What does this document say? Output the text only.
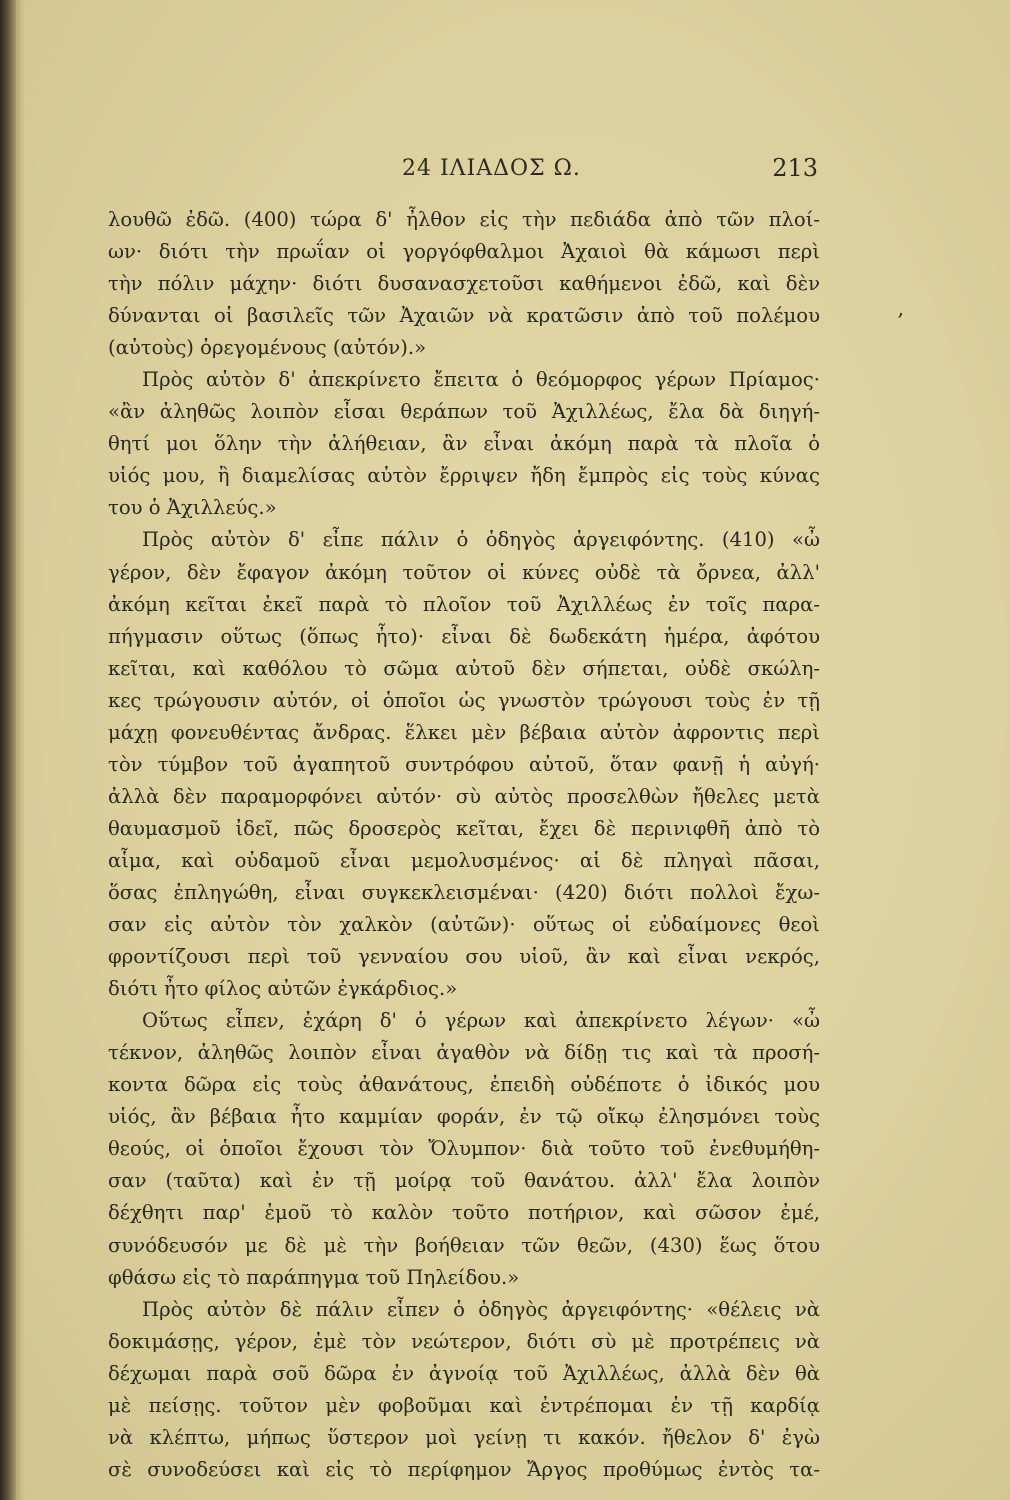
24 ΙΛΙΑΔΟΣ Ω.	213
,
λουθῶ ἐδῶ. (400) τώρα δ' ἦλθον εἰς τὴν πεδιάδα ἀπὸ τῶν πλοί-
ων· διότι τὴν πρωΐαν οἱ γοργόφθαλμοι Ἀχαιοὶ θὰ κάμωσι περὶ
τὴν πόλιν μάχην· διότι δυσανασχετοῦσι καθήμενοι ἐδῶ, καὶ δὲν
δύνανται οἱ βασιλεῖς τῶν Ἀχαιῶν νὰ κρατῶσιν ἀπὸ τοῦ πολέμου
(αὐτοὺς) ὀρεγομένους (αὐτόν).»
Πρὸς αὐτὸν δ' ἀπεκρίνετο ἔπειτα ὁ θεόμορφος γέρων Πρίαμος·
«ἂν ἀληθῶς λοιπὸν εἶσαι θεράπων τοῦ Ἀχιλλέως, ἔλα δὰ διηγή-
θητί μοι ὅλην τὴν ἀλήθειαν, ἂν εἶναι ἀκόμη παρὰ τὰ πλοῖα ὁ
υἱός μου, ἢ διαμελίσας αὐτὸν ἔρριψεν ἤδη ἔμπρὸς εἰς τοὺς κύνας
του ὁ Ἀχιλλεύς.»
Πρὸς αὐτὸν δ' εἶπε πάλιν ὁ ὁδηγὸς ἀργειφόντης. (410) «ὦ
γέρον, δὲν ἔφαγον ἀκόμη τοῦτον οἱ κύνες οὐδὲ τὰ ὄρνεα, ἀλλ'
ἀκόμη κεῖται ἐκεῖ παρὰ τὸ πλοῖον τοῦ Ἀχιλλέως ἐν τοῖς παρα-
πήγμασιν οὕτως (ὅπως ἦτο)· εἶναι δὲ δωδεκάτη ἡμέρα, ἀφότου
κεῖται, καὶ καθόλου τὸ σῶμα αὐτοῦ δὲν σήπεται, οὐδὲ σκώλη-
κες τρώγουσιν αὐτόν, οἱ ὁποῖοι ὡς γνωστὸν τρώγουσι τοὺς ἐν τῇ
μάχῃ φονευθέντας ἄνδρας. ἕλκει μὲν βέβαια αὐτὸν ἀφροντις περὶ
τὸν τύμβον τοῦ ἀγαπητοῦ συντρόφου αὐτοῦ, ὅταν φανῇ ἡ αὐγή·
ἀλλὰ δὲν παραμορφόνει αὐτόν· σὺ αὐτὸς προσελθὼν ἤθελες μετὰ
θαυμασμοῦ ἰδεῖ, πῶς δροσερὸς κεῖται, ἔχει δὲ περινιφθῆ ἀπὸ τὸ
αἷμα, καὶ οὐδαμοῦ εἶναι μεμολυσμένος· αἱ δὲ πληγαὶ πᾶσαι,
ὅσας ἐπληγώθη, εἶναι συγκεκλεισμέναι· (420) διότι πολλοὶ ἔχω-
σαν εἰς αὐτὸν τὸν χαλκὸν (αὐτῶν)· οὕτως οἱ εὐδαίμονες θεοὶ
φροντίζουσι περὶ τοῦ γενναίου σου υἱοῦ, ἂν καὶ εἶναι νεκρός,
διότι ἦτο φίλος αὐτῶν ἐγκάρδιος.»
Οὕτως εἶπεν, ἐχάρη δ' ὁ γέρων καὶ ἀπεκρίνετο λέγων· «ὦ
τέκνον, ἀληθῶς λοιπὸν εἶναι ἀγαθὸν νὰ δίδῃ τις καὶ τὰ προσή-
κοντα δῶρα εἰς τοὺς ἀθανάτους, ἐπειδὴ οὐδέποτε ὁ ἰδικός μου
υἱός, ἂν βέβαια ἦτο καμμίαν φοράν, ἐν τῷ οἴκῳ ἐλησμόνει τοὺς
θεούς, οἱ ὁποῖοι ἔχουσι τὸν Ὄλυμπον· διὰ τοῦτο τοῦ ἐνεθυμήθη-
σαν (ταῦτα) καὶ ἐν τῇ μοίρᾳ τοῦ θανάτου. ἀλλ' ἔλα λοιπὸν
δέχθητι παρ' ἐμοῦ τὸ καλὸν τοῦτο ποτήριον, καὶ σῶσον ἐμέ,
συνόδευσόν με δὲ μὲ τὴν βοήθειαν τῶν θεῶν, (430) ἕως ὅτου
φθάσω εἰς τὸ παράπηγμα τοῦ Πηλείδου.»
Πρὸς αὐτὸν δὲ πάλιν εἶπεν ὁ ὁδηγὸς ἀργειφόντης· «θέλεις νὰ
δοκιμάσῃς, γέρον, ἐμὲ τὸν νεώτερον, διότι σὺ μὲ προτρέπεις νὰ
δέχωμαι παρὰ σοῦ δῶρα ἐν ἀγνοίᾳ τοῦ Ἀχιλλέως, ἀλλὰ δὲν θὰ
μὲ πείσῃς. τοῦτον μὲν φοβοῦμαι καὶ ἐντρέπομαι ἐν τῇ καρδίᾳ
νὰ κλέπτω, μήπως ὕστερον μοὶ γείνῃ τι κακόν. ἤθελον δ' ἐγὼ
σὲ συνοδεύσει καὶ εἰς τὸ περίφημον Ἄργος προθύμως ἐντὸς τα-
